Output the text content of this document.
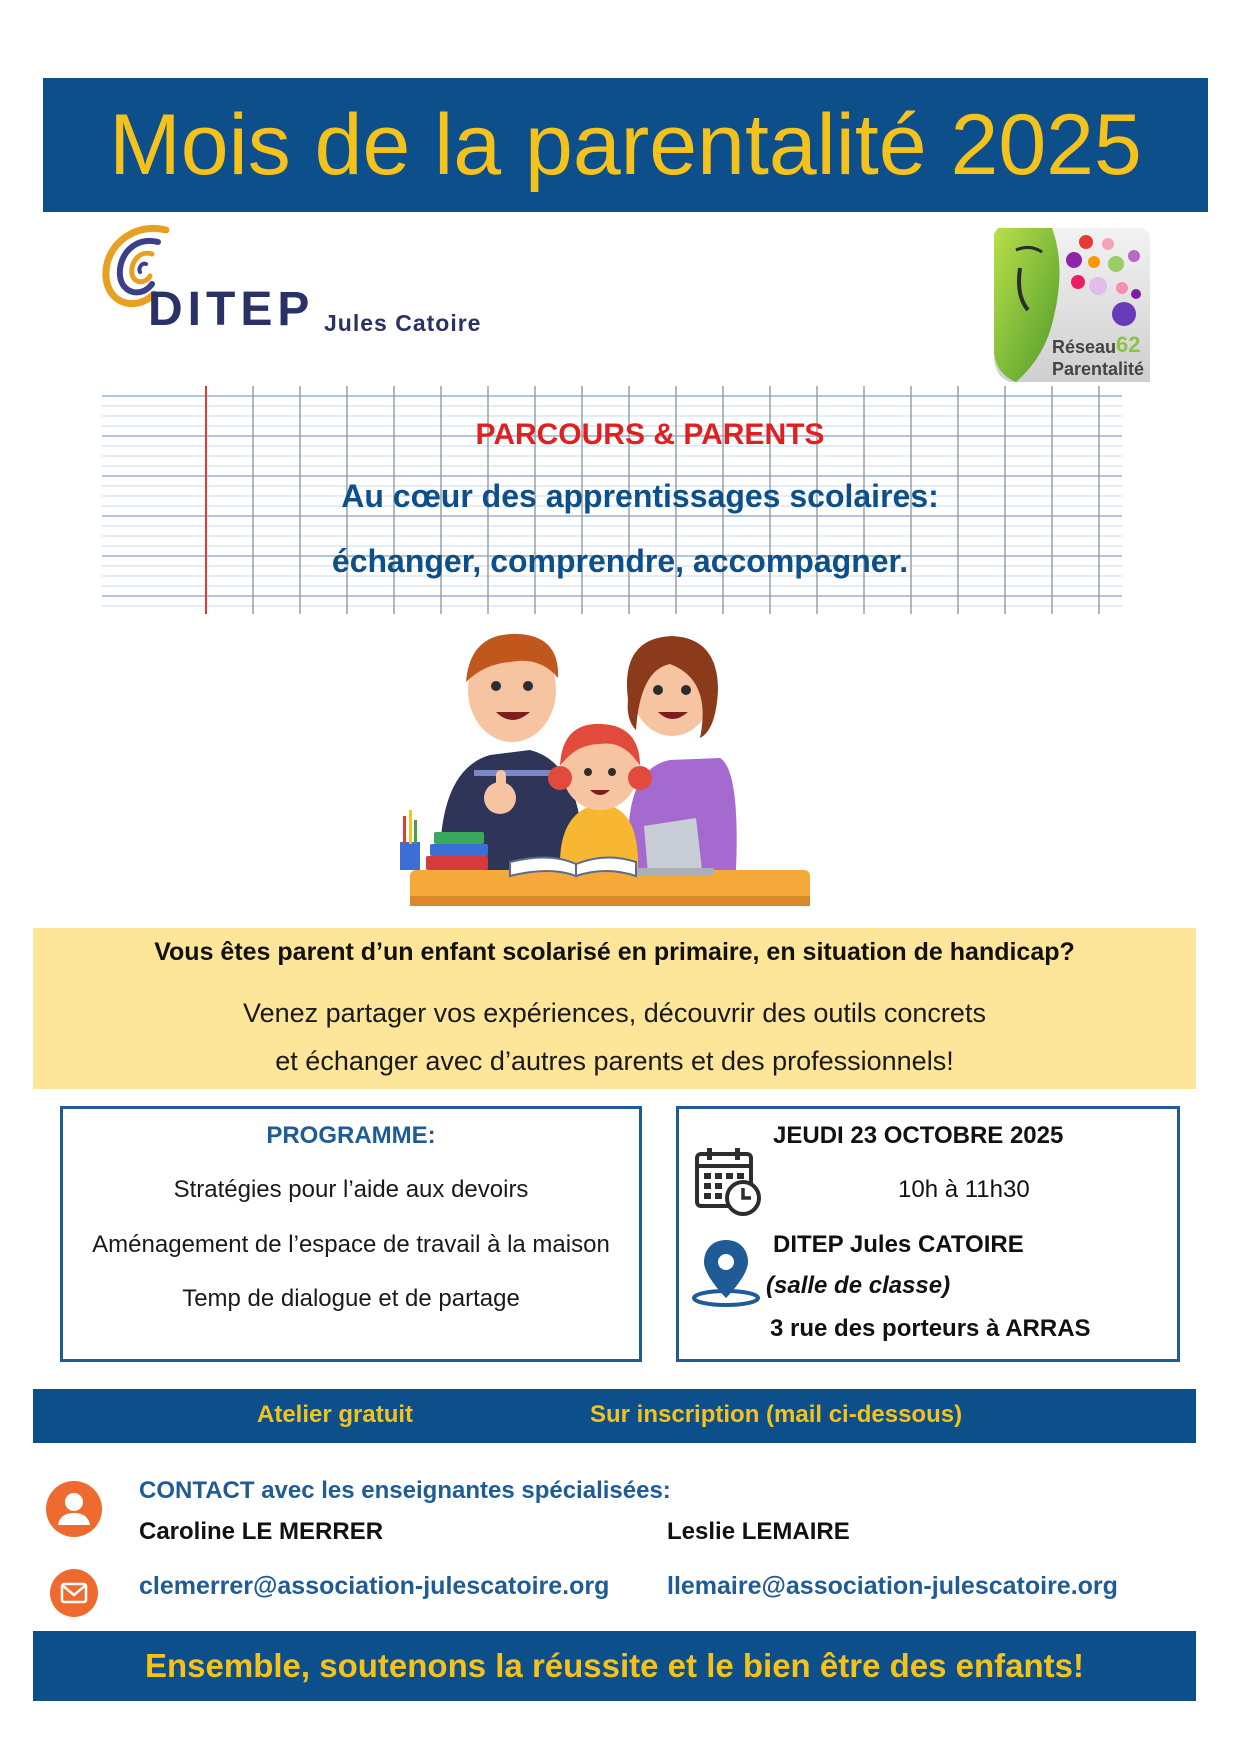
Mois de la parentalité 2025
DITEP Jules Catoire
Réseau 62
Parentalité
PARCOURS & PARENTS
Au cœur des apprentissages scolaires:
échanger, comprendre, accompagner.
Vous êtes parent d’un enfant scolarisé en primaire, en situation de handicap?
Venez partager vos expériences, découvrir des outils concrets
et échanger avec d’autres parents et des professionnels!
PROGRAMME:
Stratégies pour l’aide aux devoirs
Aménagement de l’espace de travail à la maison
Temp de dialogue et de partage
JEUDI 23 OCTOBRE 2025
10h à 11h30
DITEP Jules CATOIRE
(salle de classe)
3 rue des porteurs à ARRAS
Atelier gratuit	Sur inscription (mail ci-dessous)
CONTACT avec les enseignantes spécialisées:
Caroline LE MERRER	Leslie LEMAIRE
clemerrer@association-julescatoire.org llemaire@association-julescatoire.org
Ensemble, soutenons la réussite et le bien être des enfants!
